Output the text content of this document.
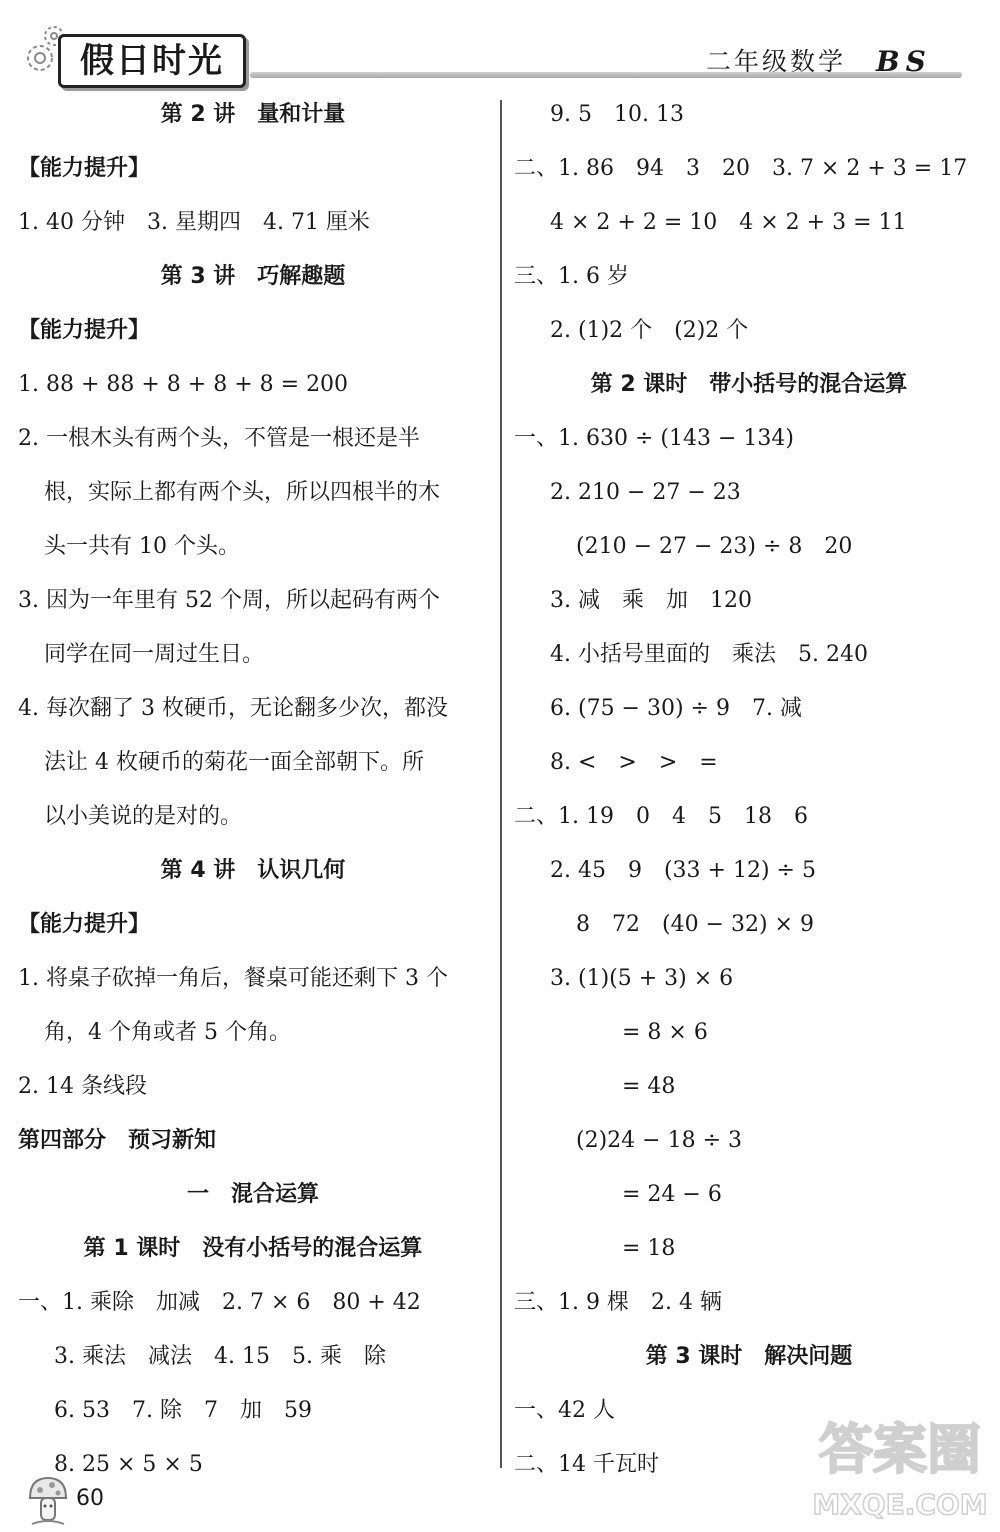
假日时光	二年级数学 BS
第 2 讲　量和计量
【能力提升】
1. 40 分钟　3. 星期四　4. 71 厘米
第 3 讲　巧解趣题
【能力提升】
1. 88 + 88 + 8 + 8 + 8 = 200
2. 一根木头有两个头，不管是一根还是半
根，实际上都有两个头，所以四根半的木
头一共有 10 个头。
3. 因为一年里有 52 个周，所以起码有两个
同学在同一周过生日。
4. 每次翻了 3 枚硬币，无论翻多少次，都没
法让 4 枚硬币的菊花一面全部朝下。所
以小美说的是对的。
第 4 讲　认识几何
【能力提升】
1. 将桌子砍掉一角后，餐桌可能还剩下 3 个
角，4 个角或者 5 个角。
2. 14 条线段
第四部分　预习新知
一　混合运算
第 1 课时　没有小括号的混合运算
一、1. 乘除　加减　2. 7 × 6　80 + 42
3. 乘法　减法　4. 15　5. 乘　除
6. 53　7. 除　7　加　59
8. 25 × 5 × 5
9. 5　10. 13
二、1. 86　94　3　20　3. 7 × 2 + 3 = 17
4 × 2 + 2 = 10　4 × 2 + 3 = 11
三、1. 6 岁
2. (1)2 个　(2)2 个
第 2 课时　带小括号的混合运算
一、1. 630 ÷ (143 − 134)
2. 210 − 27 − 23
(210 − 27 − 23) ÷ 8　20
3. 减　乘　加　120
4. 小括号里面的　乘法　5. 240
6. (75 − 30) ÷ 9　7. 减
8. <　>　>　=
二、1. 19　0　4　5　18　6
2. 45　9　(33 + 12) ÷ 5
8　72　(40 − 32) × 9
3. (1)(5 + 3) × 6
= 8 × 6
= 48
(2)24 − 18 ÷ 3
= 24 − 6
= 18
三、1. 9 棵　2. 4 辆
第 3 课时　解决问题
一、42 人
二、14 千瓦时
60
答案圈
MXQE.COM
